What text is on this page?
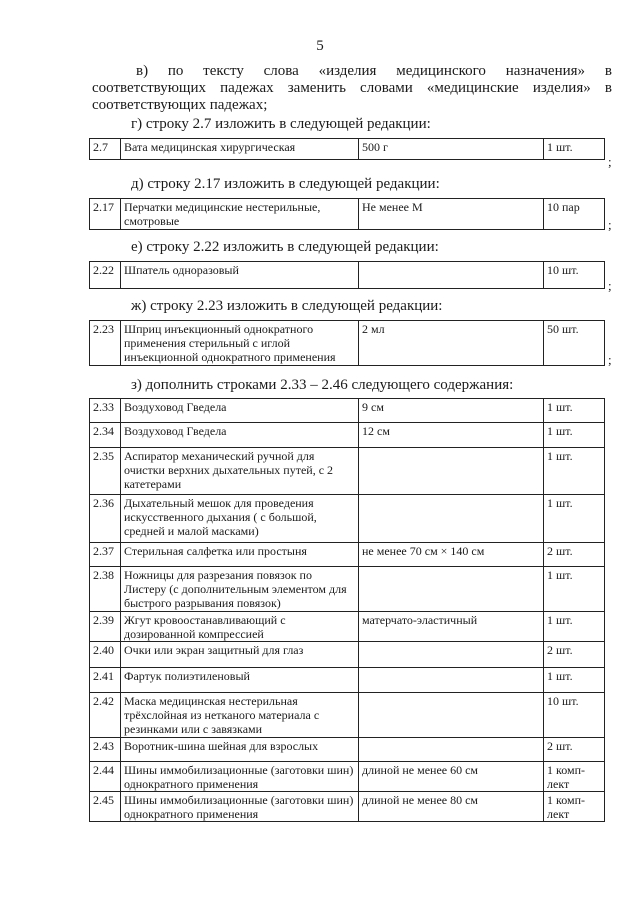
5
в) по тексту слова «изделия медицинского назначения» в
соответствующих падежах заменить словами «медицинские изделия» в
соответствующих падежах;
г) строку 2.7 изложить в следующей редакции:
2.7	Вата медицинская хирургическая	500 г	1 шт.
;
д) строку 2.17 изложить в следующей редакции:
2.17	Перчатки медицинские нестерильные, смотровые	Не менее M	10 пар
;
е) строку 2.22 изложить в следующей редакции:
2.22	Шпатель одноразовый		10 шт.
;
ж) строку 2.23 изложить в следующей редакции:
2.23	Шприц инъекционный однократного применения стерильный с иглой инъекционной однократного применения	2 мл	50 шт.
;
з) дополнить строками 2.33 – 2.46 следующего содержания:
2.33	Воздуховод Гведела	9 см	1 шт.
2.34	Воздуховод Гведела	12 см	1 шт.
2.35	Аспиратор механический ручной для очистки верхних дыхательных путей, с 2 катетерами		1 шт.
2.36	Дыхательный мешок для проведения искусственного дыхания ( с большой, средней и малой масками)		1 шт.
2.37	Стерильная салфетка или простыня	не менее 70 см × 140 см	2 шт.
2.38	Ножницы для разрезания повязок по Листеру (с дополнительным элементом для быстрого разрывания повязок)		1 шт.
2.39	Жгут кровоостанавливающий с дозированной компрессией	матерчато-эластичный	1 шт.
2.40	Очки или экран защитный для глаз		2 шт.
2.41	Фартук полиэтиленовый		1 шт.
2.42	Маска медицинская нестерильная трёхслойная из нетканого материала с резинками или с завязками		10 шт.
2.43	Воротник-шина шейная для взрослых		2 шт.
2.44	Шины иммобилизационные (заготовки шин) однократного применения	длиной не менее 60 см	1 комп-лект
2.45	Шины иммобилизационные (заготовки шин) однократного применения	длиной не менее 80 см	1 комп-лект
